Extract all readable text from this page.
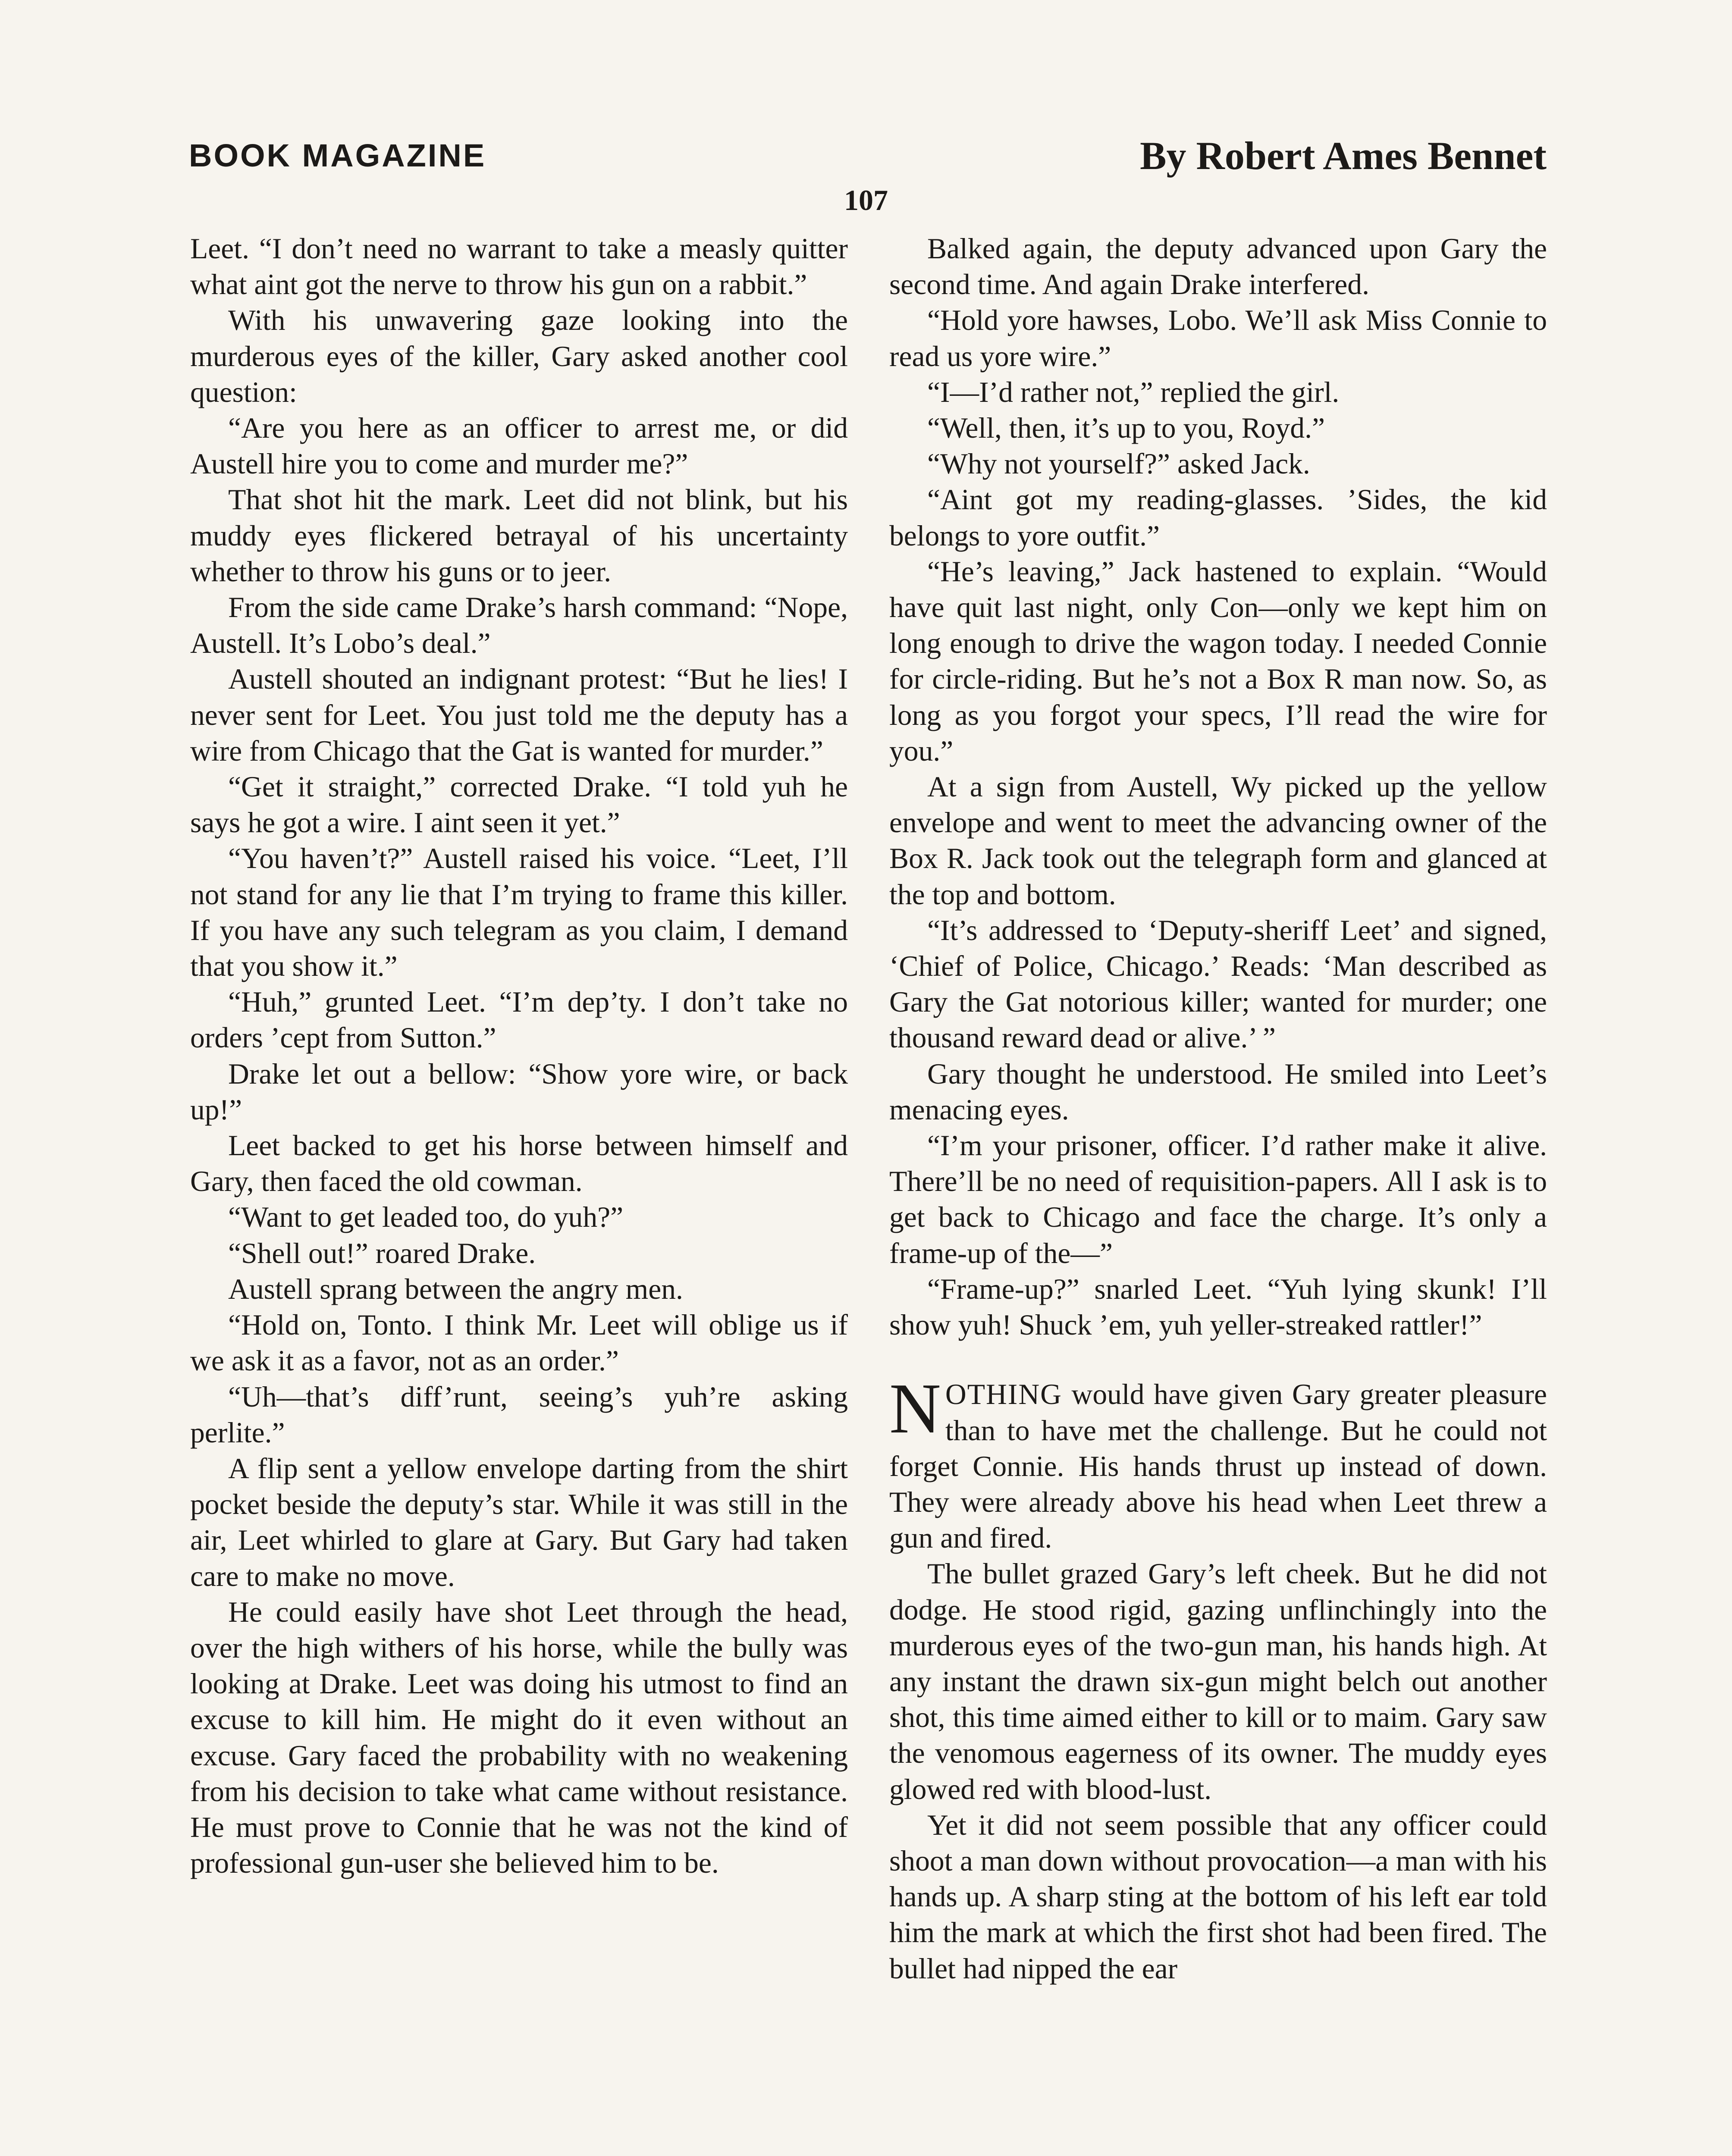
BOOK MAGAZINE	By Robert Ames Bennet
107

Leet. “I don’t need no warrant to take a measly quitter what aint got the nerve to throw his gun on a rabbit.”

With his unwavering gaze looking into the murderous eyes of the killer, Gary asked another cool question:

“Are you here as an officer to arrest me, or did Austell hire you to come and murder me?”

That shot hit the mark. Leet did not blink, but his muddy eyes flickered betrayal of his uncertainty whether to throw his guns or to jeer.

From the side came Drake’s harsh command: “Nope, Austell. It’s Lobo’s deal.”

Austell shouted an indignant protest: “But he lies! I never sent for Leet. You just told me the deputy has a wire from Chicago that the Gat is wanted for murder.”

“Get it straight,” corrected Drake. “I told yuh he says he got a wire. I aint seen it yet.”

“You haven’t?” Austell raised his voice. “Leet, I’ll not stand for any lie that I’m trying to frame this killer. If you have any such telegram as you claim, I demand that you show it.”

“Huh,” grunted Leet. “I’m dep’ty. I don’t take no orders ’cept from Sutton.”

Drake let out a bellow: “Show yore wire, or back up!”

Leet backed to get his horse between himself and Gary, then faced the old cowman.

“Want to get leaded too, do yuh?”

“Shell out!” roared Drake.

Austell sprang between the angry men.

“Hold on, Tonto. I think Mr. Leet will oblige us if we ask it as a favor, not as an order.”

“Uh—that’s diff’runt, seeing’s yuh’re asking perlite.”

A flip sent a yellow envelope darting from the shirt pocket beside the deputy’s star. While it was still in the air, Leet whirled to glare at Gary. But Gary had taken care to make no move.

He could easily have shot Leet through the head, over the high withers of his horse, while the bully was looking at Drake. Leet was doing his utmost to find an excuse to kill him. He might do it even without an excuse. Gary faced the probability with no weakening from his decision to take what came without resistance. He must prove to Connie that he was not the kind of professional gun-user she believed him to be.

Balked again, the deputy advanced upon Gary the second time. And again Drake interfered.

“Hold yore hawses, Lobo. We’ll ask Miss Connie to read us yore wire.”

“I—I’d rather not,” replied the girl.

“Well, then, it’s up to you, Royd.”

“Why not yourself?” asked Jack.

“Aint got my reading-glasses. ’Sides, the kid belongs to yore outfit.”

“He’s leaving,” Jack hastened to explain. “Would have quit last night, only Con—only we kept him on long enough to drive the wagon today. I needed Connie for circle-riding. But he’s not a Box R man now. So, as long as you forgot your specs, I’ll read the wire for you.”

At a sign from Austell, Wy picked up the yellow envelope and went to meet the advancing owner of the Box R. Jack took out the telegraph form and glanced at the top and bottom.

“It’s addressed to ‘Deputy-sheriff Leet’ and signed, ‘Chief of Police, Chicago.’ Reads: ‘Man described as Gary the Gat notorious killer; wanted for murder; one thousand reward dead or alive.’ ”

Gary thought he understood. He smiled into Leet’s menacing eyes.

“I’m your prisoner, officer. I’d rather make it alive. There’ll be no need of requisition-papers. All I ask is to get back to Chicago and face the charge. It’s only a frame-up of the—”

“Frame-up?” snarled Leet. “Yuh lying skunk! I’ll show yuh! Shuck ’em, yuh yeller-streaked rattler!”

NOTHING would have given Gary greater pleasure than to have met the challenge. But he could not forget Connie. His hands thrust up instead of down. They were already above his head when Leet threw a gun and fired.

The bullet grazed Gary’s left cheek. But he did not dodge. He stood rigid, gazing unflinchingly into the murderous eyes of the two-gun man, his hands high. At any instant the drawn six-gun might belch out another shot, this time aimed either to kill or to maim. Gary saw the venomous eagerness of its owner. The muddy eyes glowed red with blood-lust.

Yet it did not seem possible that any officer could shoot a man down without provocation—a man with his hands up. A sharp sting at the bottom of his left ear told him the mark at which the first shot had been fired. The bullet had nipped the ear
